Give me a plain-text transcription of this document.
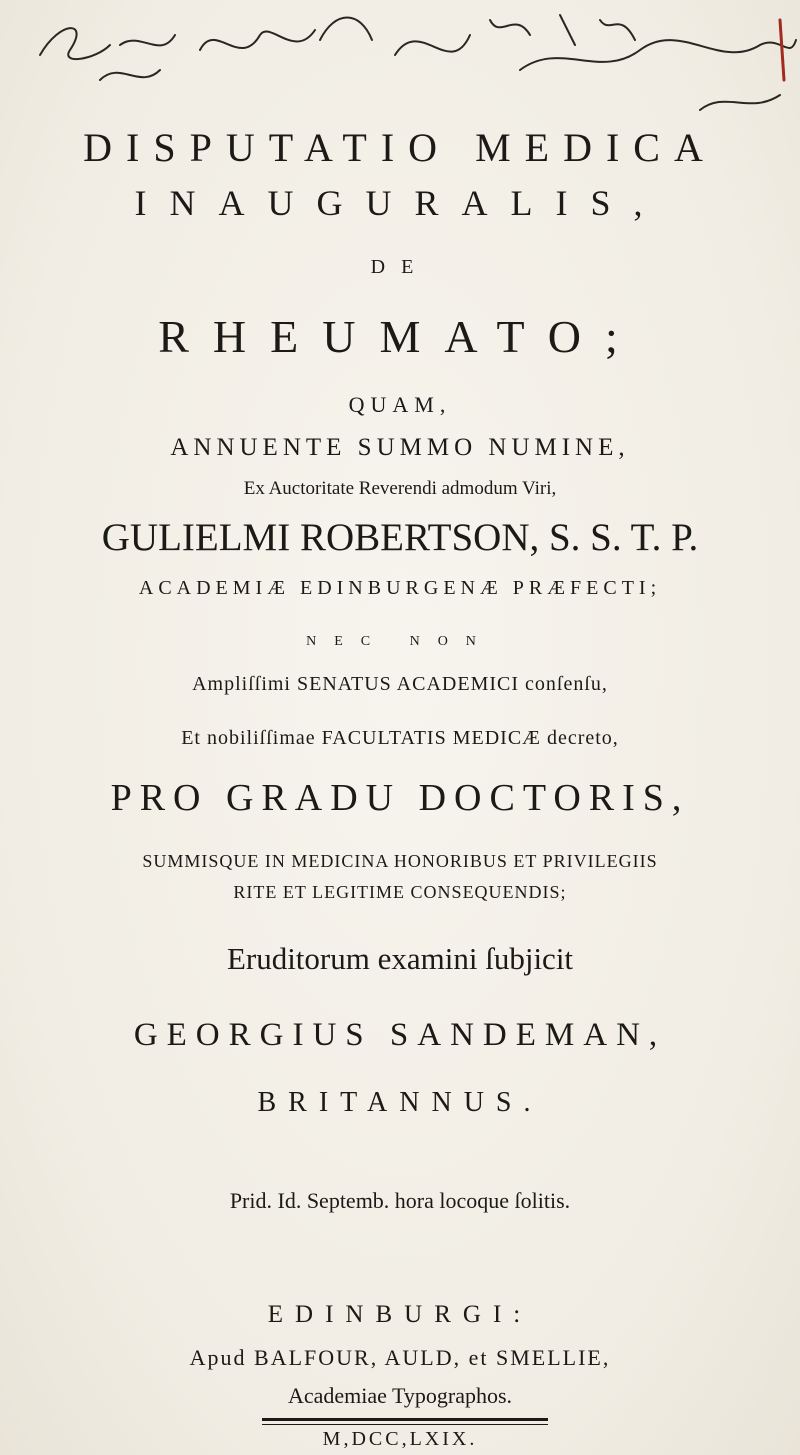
DISPUTATIO MEDICA
INAUGURALIS,
DE
RHEUMATO;
QUAM,
ANNUENTE SUMMO NUMINE,
Ex Auctoritate Reverendi admodum Viri,
GULIELMI ROBERTSON, S. S. T. P.
ACADEMIÆ EDINBURGENÆ PRÆFECTI;
NEC NON
Ampliſſimi SENATUS ACADEMICI conſenſu,
Et nobiliſſimae FACULTATIS MEDICÆ decreto,
PRO GRADU DOCTORIS,
SUMMISQUE IN MEDICINA HONORIBUS ET PRIVILEGIIS
RITE ET LEGITIME CONSEQUENDIS;
Eruditorum examini ſubjicit
GEORGIUS SANDEMAN,
BRITANNUS.
Prid. Id. Septemb. hora locoque ſolitis.
EDINBURGI:
Apud BALFOUR, AULD, et SMELLIE,
Academiae Typographos.
M,DCC,LXIX.
